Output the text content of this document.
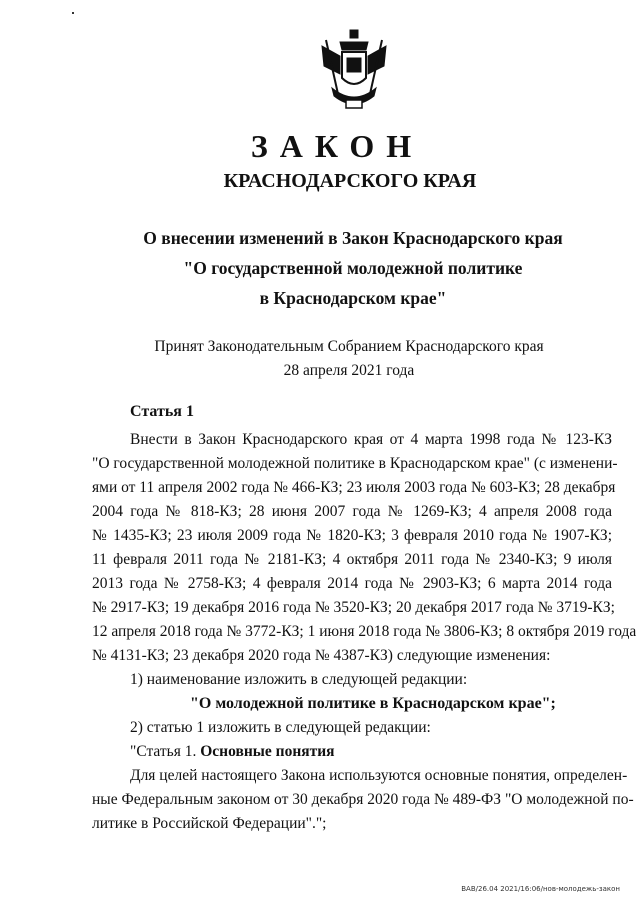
ЗАКОН
КРАСНОДАРСКОГО КРАЯ
О внесении изменений в Закон Краснодарского края
"О государственной молодежной политике
в Краснодарском крае"
Принят Законодательным Собранием Краснодарского края
28 апреля 2021 года
Статья 1
Внести в Закон Краснодарского края от 4 марта 1998 года № 123-КЗ
"О государственной молодежной политике в Краснодарском крае" (с изменени-
ями от 11 апреля 2002 года № 466-КЗ; 23 июля 2003 года № 603-КЗ; 28 декабря
2004 года № 818-КЗ; 28 июня 2007 года № 1269-КЗ; 4 апреля 2008 года
№ 1435-КЗ; 23 июля 2009 года № 1820-КЗ; 3 февраля 2010 года № 1907-КЗ;
11 февраля 2011 года № 2181-КЗ; 4 октября 2011 года № 2340-КЗ; 9 июля
2013 года № 2758-КЗ; 4 февраля 2014 года № 2903-КЗ; 6 марта 2014 года
№ 2917-КЗ; 19 декабря 2016 года № 3520-КЗ; 20 декабря 2017 года № 3719-КЗ;
12 апреля 2018 года № 3772-КЗ; 1 июня 2018 года № 3806-КЗ; 8 октября 2019 года
№ 4131-КЗ; 23 декабря 2020 года № 4387-КЗ) следующие изменения:
1) наименование изложить в следующей редакции:
"О молодежной политике в Краснодарском крае";
2) статью 1 изложить в следующей редакции:
"Статья 1. Основные понятия
Для целей настоящего Закона используются основные понятия, определен-
ные Федеральным законом от 30 декабря 2020 года № 489-ФЗ "О молодежной по-
литике в Российской Федерации".";
ВАВ/26.04 2021/16:06/нов-молодежь-закон
